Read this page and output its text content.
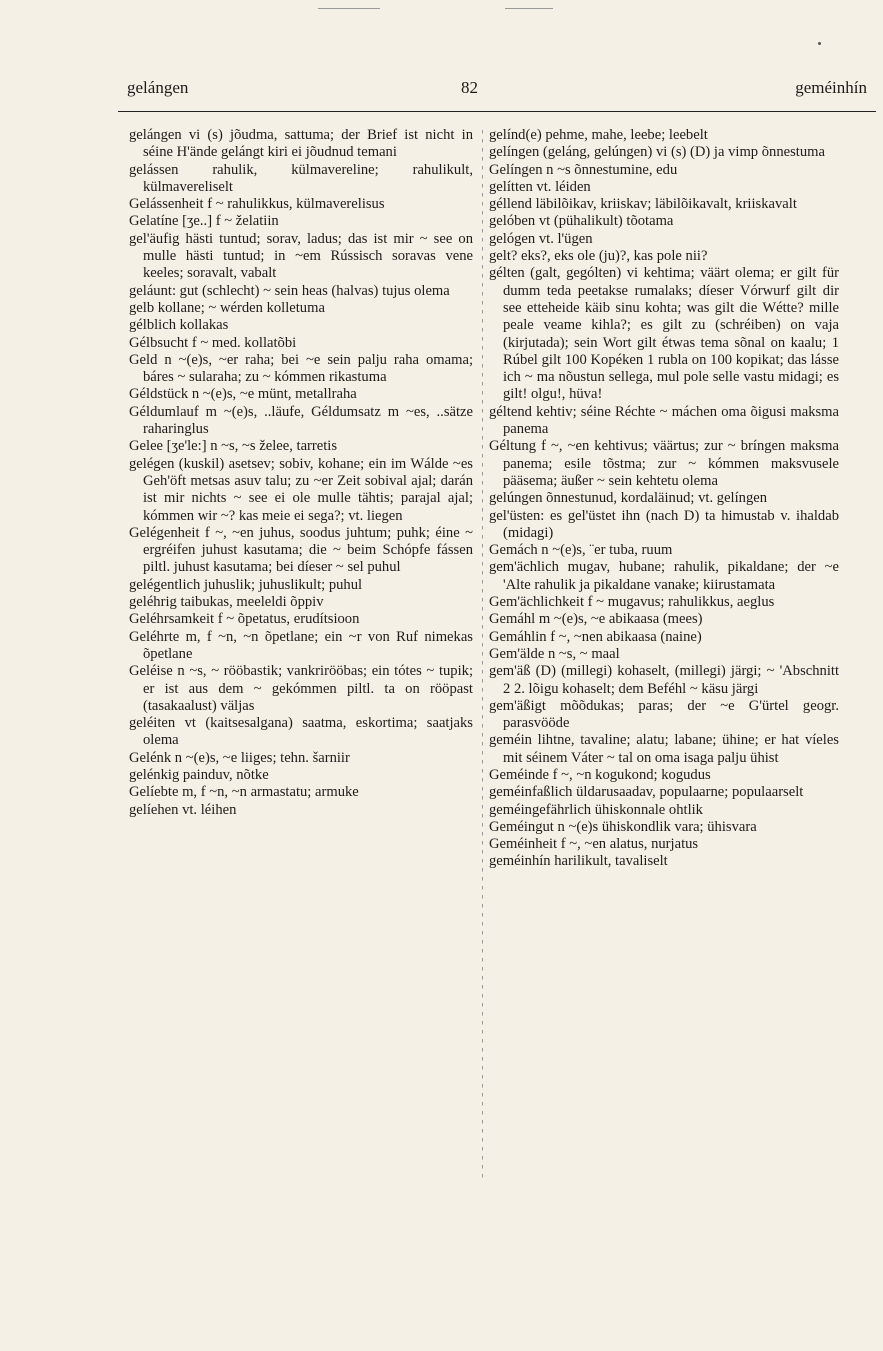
gelángen	82	geméinhín
gelángen vi (s) jõudma, sattuma; der Brief ist nicht in séine H'ände gelángt kiri ei jõudnud temani
gelássen rahulik, külmavereline; rahulikult, külmavereliselt
Gelássenheit f ~ rahulikkus, külmaverelisus
Gelatíne [ʒe..] f ~ želatiin
gel'äufig hästi tuntud; sorav, ladus; das ist mir ~ see on mulle hästi tuntud; in ~em Rússisch soravas vene keeles; soravalt, vabalt
geláunt: gut (schlecht) ~ sein heas (halvas) tujus olema
gelb kollane; ~ wérden kolletuma
gélblich kollakas
Gélbsucht f ~ med. kollatõbi
Geld n ~(e)s, ~er raha; bei ~e sein palju raha omama; báres ~ sularaha; zu ~ kómmen rikastuma
Géldstück n ~(e)s, ~e münt, metallraha
Géldumlauf m ~(e)s, ..läufe, Géldumsatz m ~es, ..sätze raharinglus
Gelee [ʒe'le:] n ~s, ~s želee, tarretis
gelégen (kuskil) asetsev; sobiv, kohane; ein im Wálde ~es Geh'öft metsas asuv talu; zu ~er Zeit sobival ajal; darán ist mir nichts ~ see ei ole mulle tähtis; parajal ajal; kómmen wir ~? kas meie ei sega?; vt. liegen
Gelégenheit f ~, ~en juhus, soodus juhtum; puhk; éine ~ ergréifen juhust kasutama; die ~ beim Schópfe fássen piltl. juhust kasutama; bei díeser ~ sel puhul
gelégentlich juhuslik; juhuslikult; puhul
geléhrig taibukas, meeleldi õppiv
Geléhrsamkeit f ~ õpetatus, erudítsioon
Geléhrte m, f ~n, ~n õpetlane; ein ~r von Ruf nimekas õpetlane
Geléise n ~s, ~ rööbastik; vankrirööbas; ein tótes ~ tupik; er ist aus dem ~ gekómmen piltl. ta on rööpast (tasakaalust) väljas
geléiten vt (kaitsesalgana) saatma, eskortima; saatjaks olema
Gelénk n ~(e)s, ~e liiges; tehn. šarniir
gelénkig painduv, nõtke
Gelíebte m, f ~n, ~n armastatu; armuke
gelíehen vt. léihen
gelínd(e) pehme, mahe, leebe; leebelt
gelíngen (geláng, gelúngen) vi (s) (D) ja vimp õnnestuma
Gelíngen n ~s õnnestumine, edu
gelítten vt. léiden
géllend läbilõikav, kriiskav; läbilõikavalt, kriiskavalt
gelóben vt (pühalikult) tõotama
gelógen vt. l'ügen
gelt? eks?, eks ole (ju)?, kas pole nii?
gélten (galt, gególten) vi kehtima; väärt olema; er gilt für dumm teda peetakse rumalaks; díeser Vórwurf gilt dir see etteheide käib sinu kohta; was gilt die Wétte? mille peale veame kihla?; es gilt zu (schréiben) on vaja (kirjutada); sein Wort gilt étwas tema sõnal on kaalu; 1 Rúbel gilt 100 Kopéken 1 rubla on 100 kopikat; das lásse ich ~ ma nõustun sellega, mul pole selle vastu midagi; es gilt! olgu!, hüva!
géltend kehtiv; séine Réchte ~ máchen oma õigusi maksma panema
Géltung f ~, ~en kehtivus; väärtus; zur ~ bríngen maksma panema; esile tõstma; zur ~ kómmen maksvusele pääsema; äußer ~ sein kehtetu olema
gelúngen õnnestunud, kordaläinud; vt. gelíngen
gel'üsten: es gel'üstet ihn (nach D) ta himustab v. ihaldab (midagi)
Gemách n ~(e)s, ¨er tuba, ruum
gem'ächlich mugav, hubane; rahulik, pikaldane; der ~e 'Alte rahulik ja pikaldane vanake; kiirustamata
Gem'ächlichkeit f ~ mugavus; rahulikkus, aeglus
Gemáhl m ~(e)s, ~e abikaasa (mees)
Gemáhlin f ~, ~nen abikaasa (naine)
Gem'älde n ~s, ~ maal
gem'äß (D) (millegi) kohaselt, (millegi) järgi; ~ 'Abschnitt 2 2. lõigu kohaselt; dem Beféhl ~ käsu järgi
gem'äßigt mõõdukas; paras; der ~e G'ürtel geogr. parasvööde
geméin lihtne, tavaline; alatu; labane; ühine; er hat víeles mit séinem Váter ~ tal on oma isaga palju ühist
Geméinde f ~, ~n kogukond; kogudus
geméinfaßlich üldarusaadav, populaarne; populaarselt
geméingefährlich ühiskonnale ohtlik
Geméingut n ~(e)s ühiskondlik vara; ühisvara
Geméinheit f ~, ~en alatus, nurjatus
geméinhín harilikult, tavaliselt
